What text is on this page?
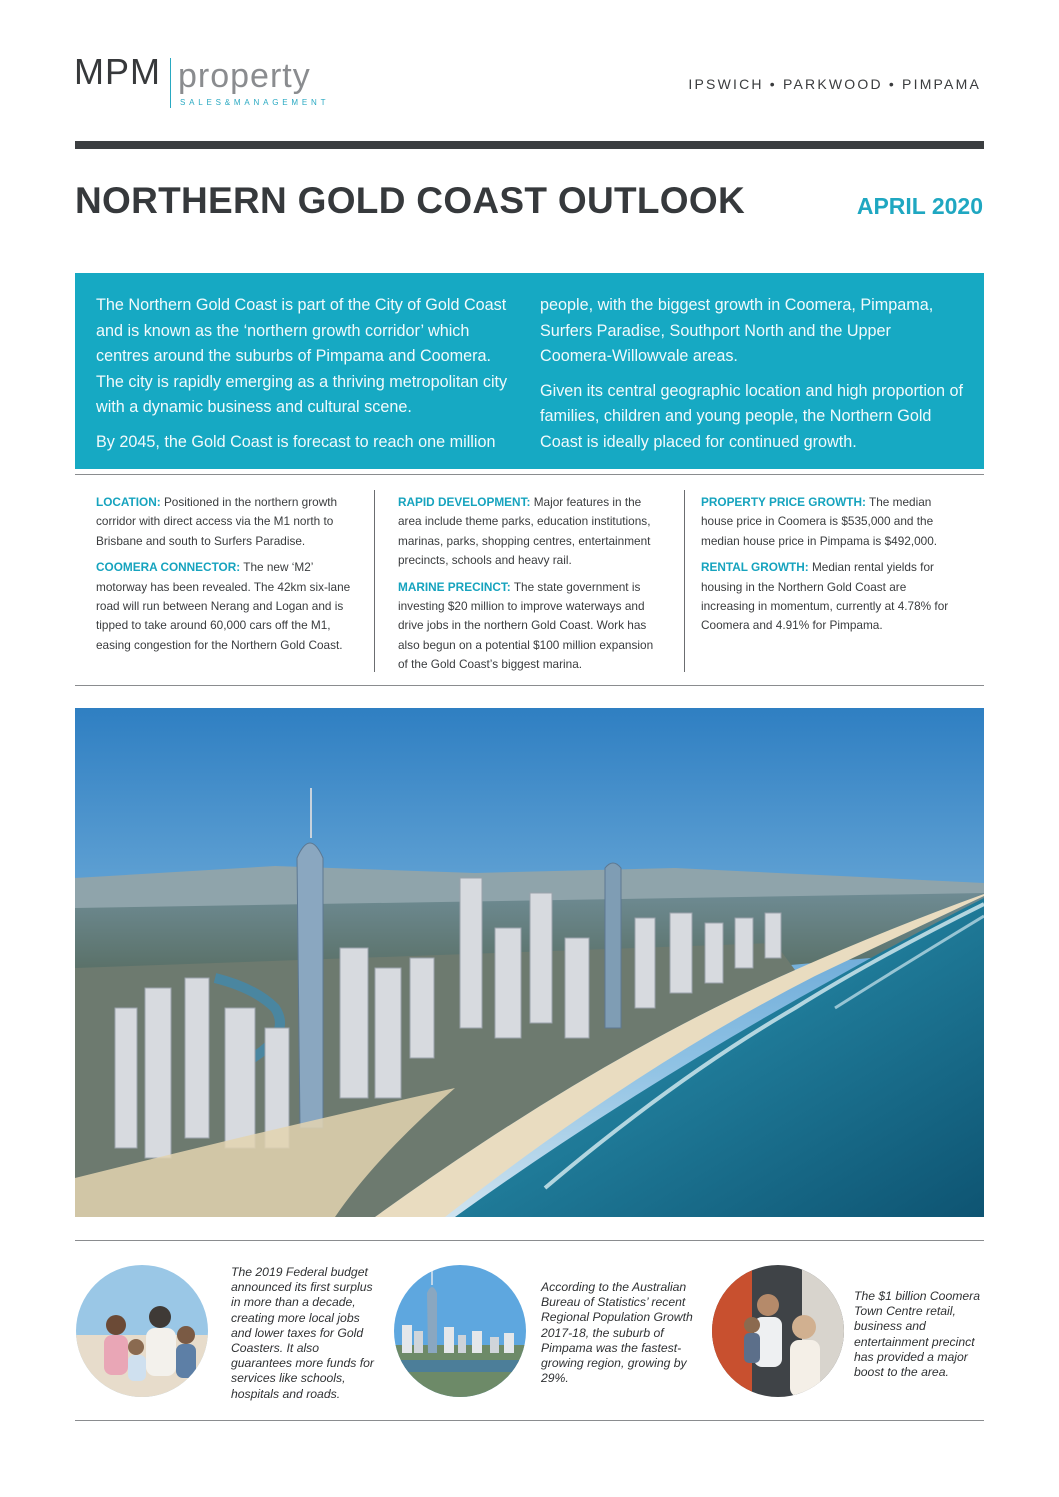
MPM property
SALES&MANAGEMENT
IPSWICH • PARKWOOD • PIMPAMA
NORTHERN GOLD COAST OUTLOOK	APRIL 2020

The Northern Gold Coast is part of the City of Gold Coast and is known as the ‘northern growth corridor’ which centres around the suburbs of Pimpama and Coomera. The city is rapidly emerging as a thriving metropolitan city with a dynamic business and cultural scene.

By 2045, the Gold Coast is forecast to reach one million

people, with the biggest growth in Coomera, Pimpama, Surfers Paradise, Southport North and the Upper Coomera-Willowvale areas.

Given its central geographic location and high proportion of families, children and young people, the Northern Gold Coast is ideally placed for continued growth.

LOCATION: Positioned in the northern growth corridor with direct access via the M1 north to Brisbane and south to Surfers Paradise.

COOMERA CONNECTOR: The new ‘M2’ motorway has been revealed. The 42km six-lane road will run between Nerang and Logan and is tipped to take around 60,000 cars off the M1, easing congestion for the Northern Gold Coast.

RAPID DEVELOPMENT: Major features in the area include theme parks, education institutions, marinas, parks, shopping centres, entertainment precincts, schools and heavy rail.

MARINE PRECINCT: The state government is investing $20 million to improve waterways and drive jobs in the northern Gold Coast. Work has also begun on a potential $100 million expansion of the Gold Coast’s biggest marina.

PROPERTY PRICE GROWTH: The median house price in Coomera is $535,000 and the median house price in Pimpama is $492,000.

RENTAL GROWTH: Median rental yields for housing in the Northern Gold Coast are increasing in momentum, currently at 4.78% for Coomera and 4.91% for Pimpama.

The 2019 Federal budget announced its first surplus in more than a decade, creating more local jobs and lower taxes for Gold Coasters. It also guarantees more funds for services like schools, hospitals and roads.
According to the Australian Bureau of Statistics’ recent Regional Population Growth 2017-18, the suburb of Pimpama was the fastest-growing region, growing by 29%.
The $1 billion Coomera Town Centre retail, business and entertainment precinct has provided a major boost to the area.
